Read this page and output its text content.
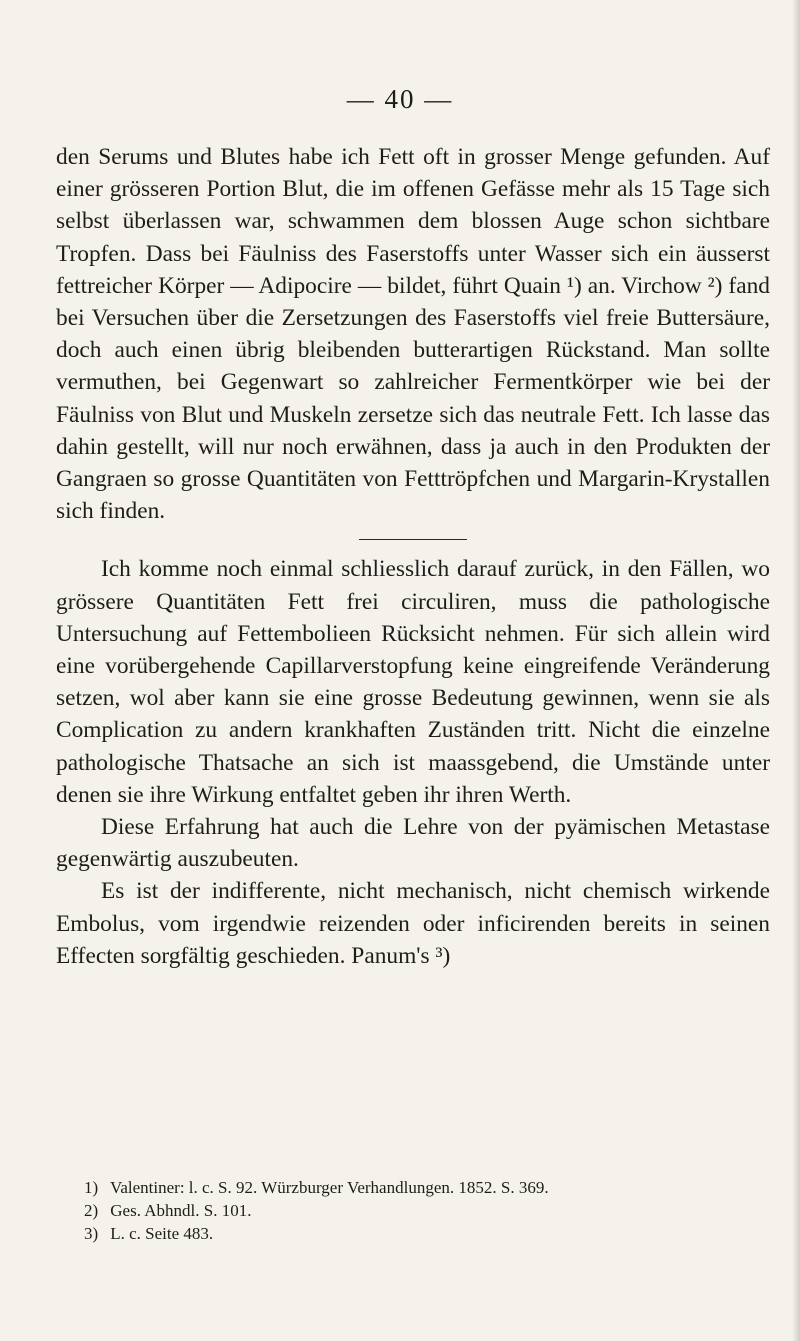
— 40 —

den Serums und Blutes habe ich Fett oft in grosser Menge gefunden. Auf einer grösseren Portion Blut, die im offenen Gefässe mehr als 15 Tage sich selbst überlassen war, schwammen dem blossen Auge schon sichtbare Tropfen. Dass bei Fäulniss des Faserstoffs unter Wasser sich ein äusserst fettreicher Körper — Adipocire — bildet, führt Quain ¹) an. Virchow ²) fand bei Versuchen über die Zersetzungen des Faserstoffs viel freie Buttersäure, doch auch einen übrig bleibenden butterartigen Rückstand. Man sollte vermuthen, bei Gegenwart so zahlreicher Fermentkörper wie bei der Fäulniss von Blut und Muskeln zersetze sich das neutrale Fett. Ich lasse das dahin gestellt, will nur noch erwähnen, dass ja auch in den Produkten der Gangraen so grosse Quantitäten von Fetttröpfchen und Margarin-Krystallen sich finden.

Ich komme noch einmal schliesslich darauf zurück, in den Fällen, wo grössere Quantitäten Fett frei circuliren, muss die pathologische Untersuchung auf Fettembolieen Rücksicht nehmen. Für sich allein wird eine vorübergehende Capillarverstopfung keine eingreifende Veränderung setzen, wol aber kann sie eine grosse Bedeutung gewinnen, wenn sie als Complication zu andern krankhaften Zuständen tritt. Nicht die einzelne pathologische Thatsache an sich ist maassgebend, die Umstände unter denen sie ihre Wirkung entfaltet geben ihr ihren Werth.

Diese Erfahrung hat auch die Lehre von der pyämischen Metastase gegenwärtig auszubeuten.

Es ist der indifferente, nicht mechanisch, nicht chemisch wirkende Embolus, vom irgendwie reizenden oder inficirenden bereits in seinen Effecten sorgfältig geschieden. Panum's ³)

1) Valentiner: l. c. S. 92. Würzburger Verhandlungen. 1852. S. 369.

2) Ges. Abhndl. S. 101.

3) L. c. Seite 483.
